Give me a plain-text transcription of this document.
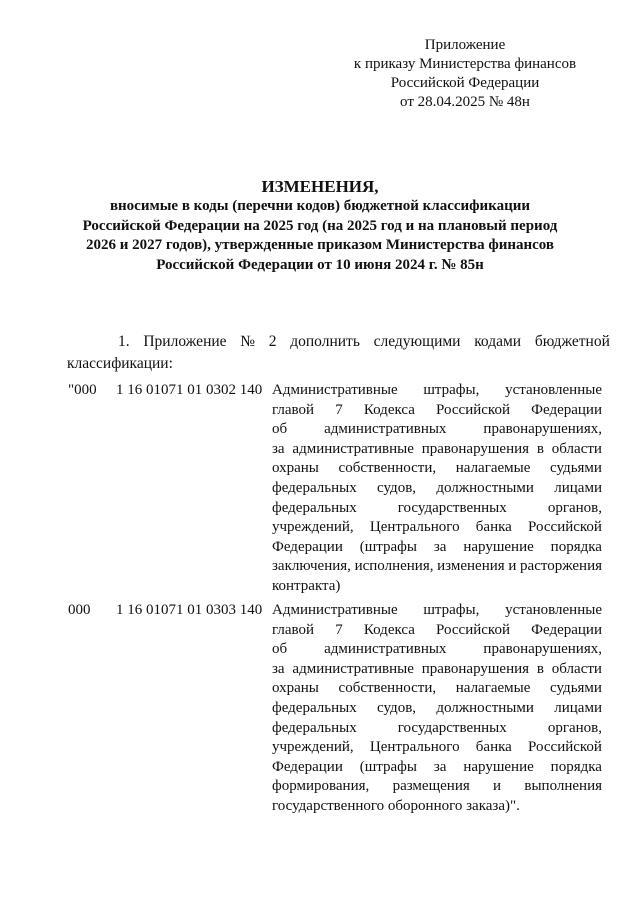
Приложение
к приказу Министерства финансов
Российской Федерации
от 28.04.2025 № 48н
ИЗМЕНЕНИЯ,
вносимые в коды (перечни кодов) бюджетной классификации
Российской Федерации на 2025 год (на 2025 год и на плановый период
2026 и 2027 годов), утвержденные приказом Министерства финансов
Российской Федерации от 10 июня 2024 г. № 85н
1. Приложение № 2 дополнить следующими кодами бюджетной
классификации:
"000 1 16 01071 01 0302 140 Административные штрафы, установленные
главой 7 Кодекса Российской Федерации
об административных правонарушениях,
за административные правонарушения в области
охраны собственности, налагаемые судьями
федеральных судов, должностными лицами
федеральных	государственных	органов,
учреждений, Центрального банка Российской
Федерации (штрафы за нарушение порядка
заключения, исполнения, изменения и расторжения
контракта)
000 1 16 01071 01 0303 140 Административные штрафы, установленные
главой 7 Кодекса Российской Федерации
об административных правонарушениях,
за административные правонарушения в области
охраны собственности, налагаемые судьями
федеральных судов, должностными лицами
федеральных	государственных	органов,
учреждений, Центрального банка Российской
Федерации (штрафы за нарушение порядка
формирования, размещения и выполнения
государственного оборонного заказа)".
